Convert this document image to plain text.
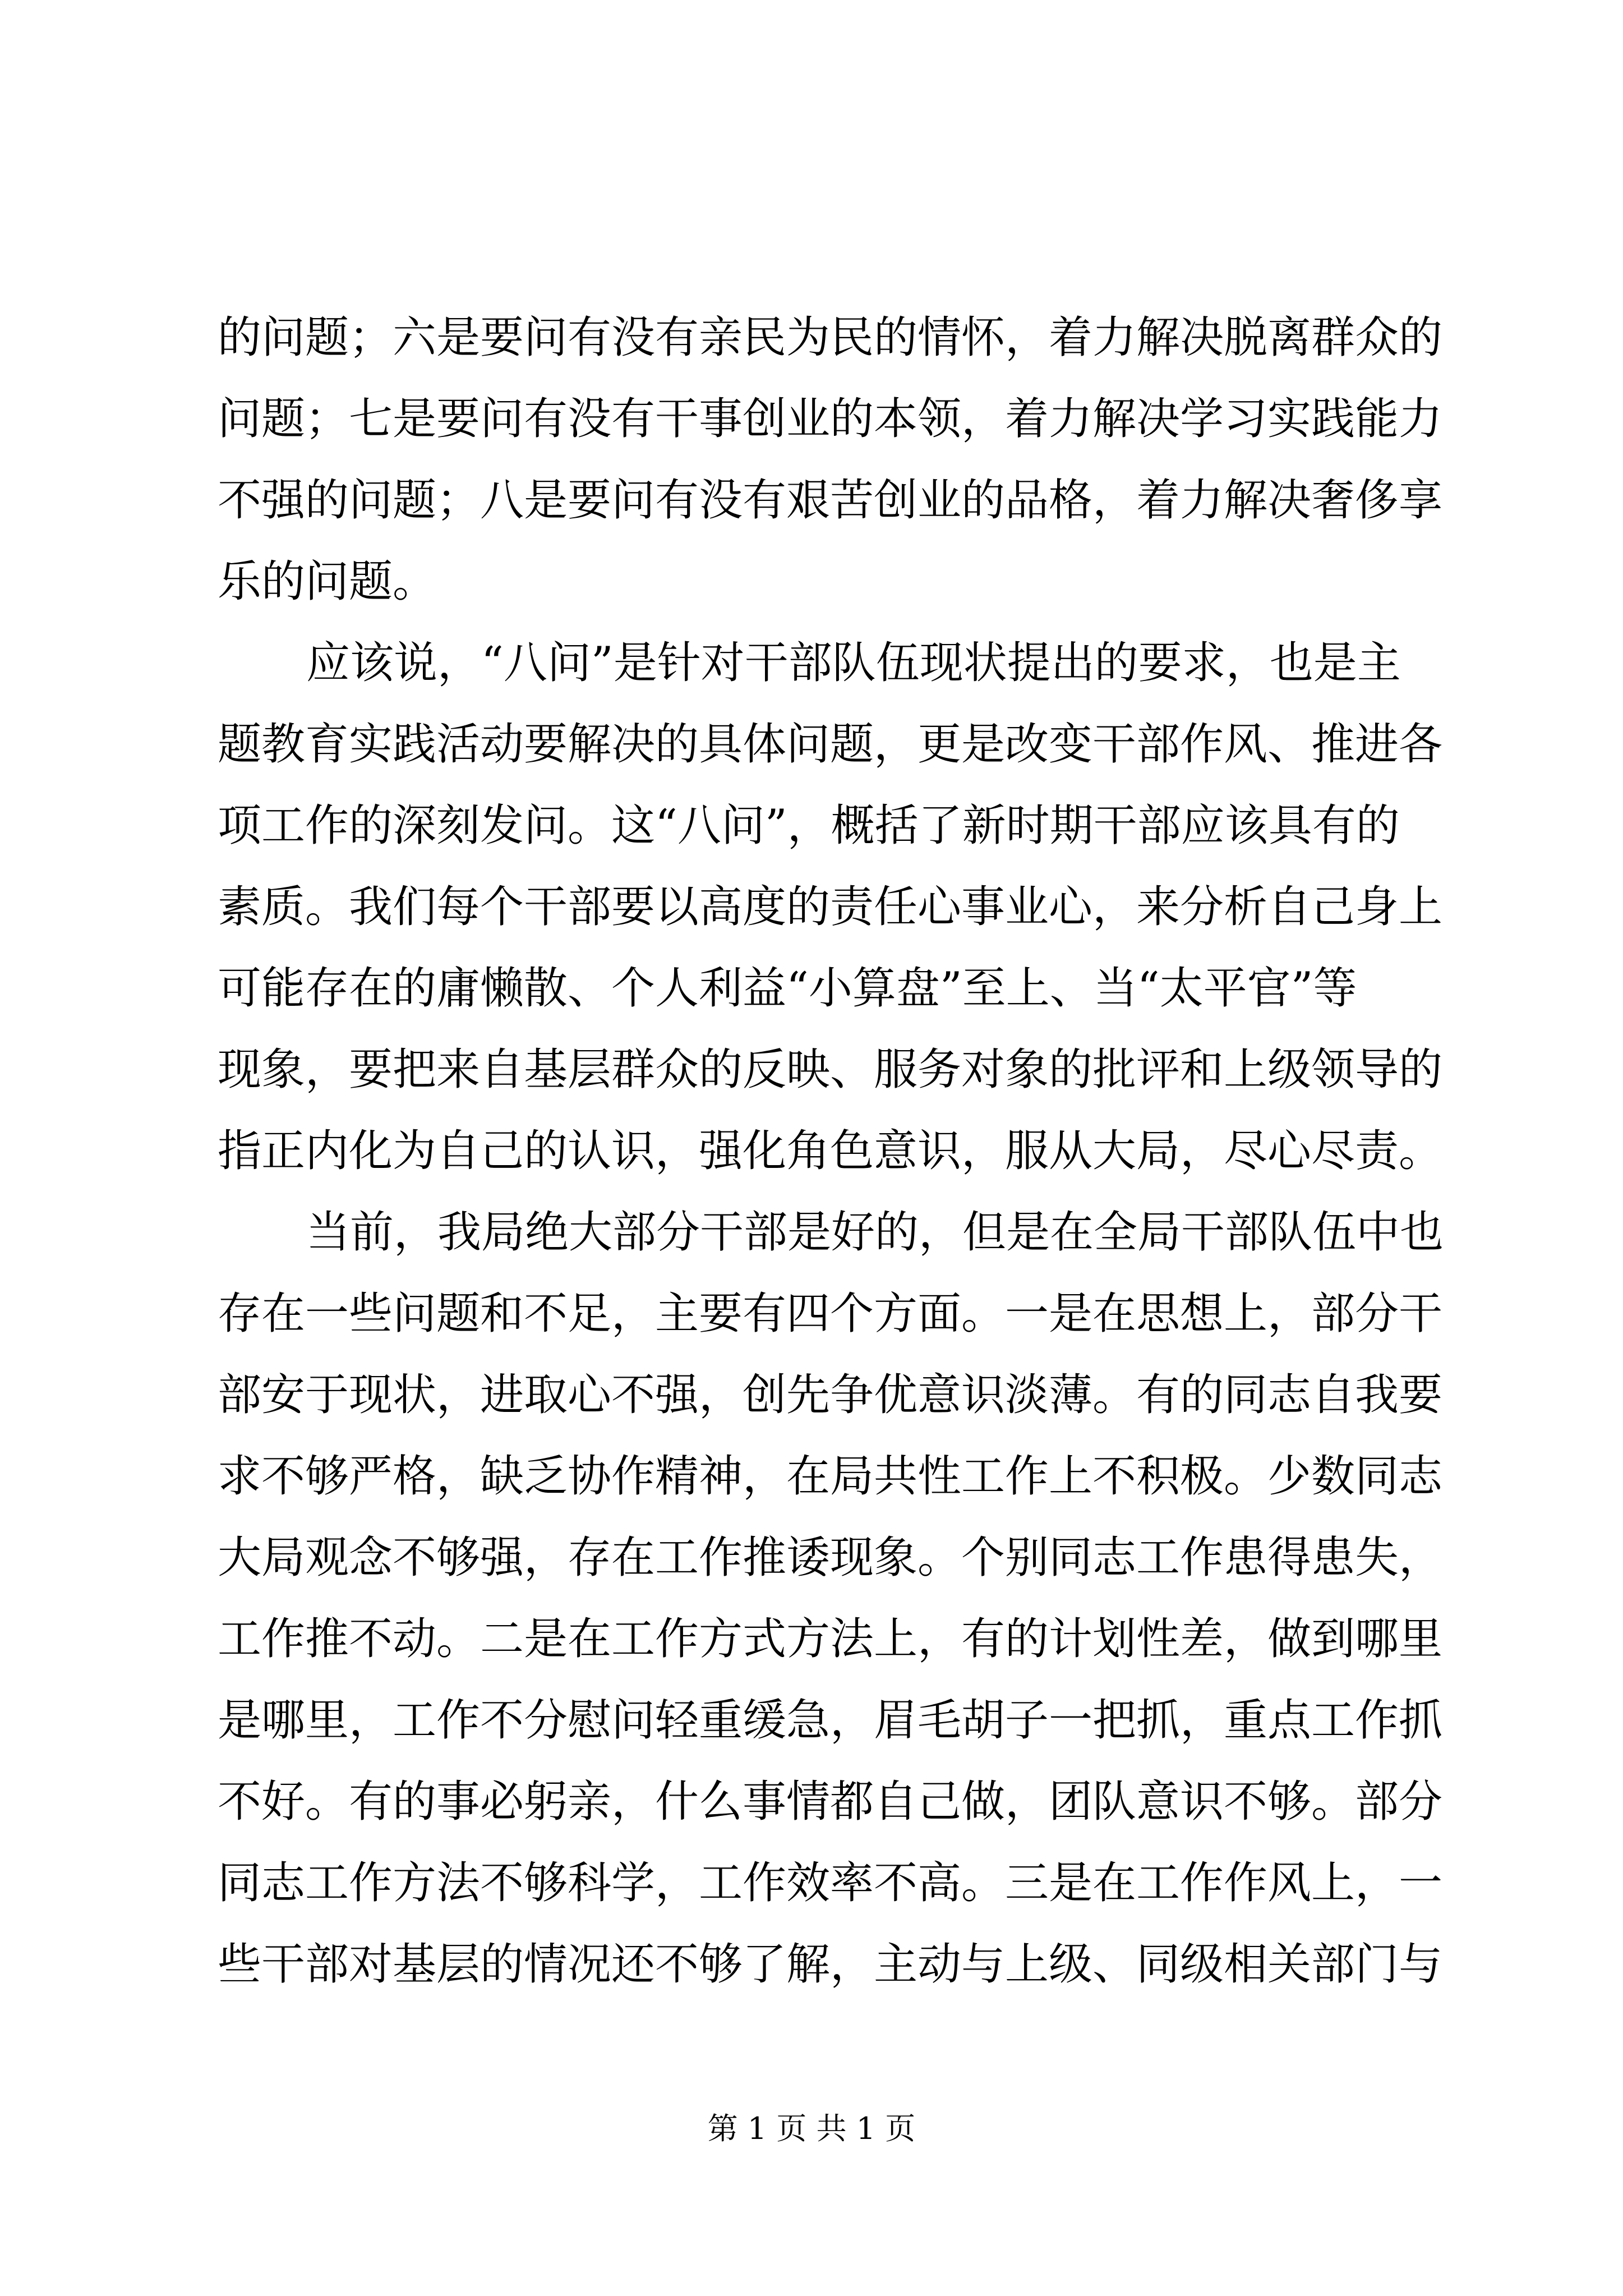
的问题；六是要问有没有亲民为民的情怀，着力解决脱离群众的
问题；七是要问有没有干事创业的本领，着力解决学习实践能力
不强的问题；八是要问有没有艰苦创业的品格，着力解决奢侈享
乐的问题。
应该说，“八问”是针对干部队伍现状提出的要求，也是主
题教育实践活动要解决的具体问题，更是改变干部作风、推进各
项工作的深刻发问。这“八问”，概括了新时期干部应该具有的
素质。我们每个干部要以高度的责任心事业心，来分析自己身上
可能存在的庸懒散、个人利益“小算盘”至上、当“太平官”等
现象，要把来自基层群众的反映、服务对象的批评和上级领导的
指正内化为自己的认识，强化角色意识，服从大局，尽心尽责。
当前，我局绝大部分干部是好的，但是在全局干部队伍中也
存在一些问题和不足，主要有四个方面。一是在思想上，部分干
部安于现状，进取心不强，创先争优意识淡薄。有的同志自我要
求不够严格，缺乏协作精神，在局共性工作上不积极。少数同志
大局观念不够强，存在工作推诿现象。个别同志工作患得患失，
工作推不动。二是在工作方式方法上，有的计划性差，做到哪里
是哪里，工作不分慰问轻重缓急，眉毛胡子一把抓，重点工作抓
不好。有的事必躬亲，什么事情都自己做，团队意识不够。部分
同志工作方法不够科学，工作效率不高。三是在工作作风上，一
些干部对基层的情况还不够了解，主动与上级、同级相关部门与
第 1 页 共 1 页
